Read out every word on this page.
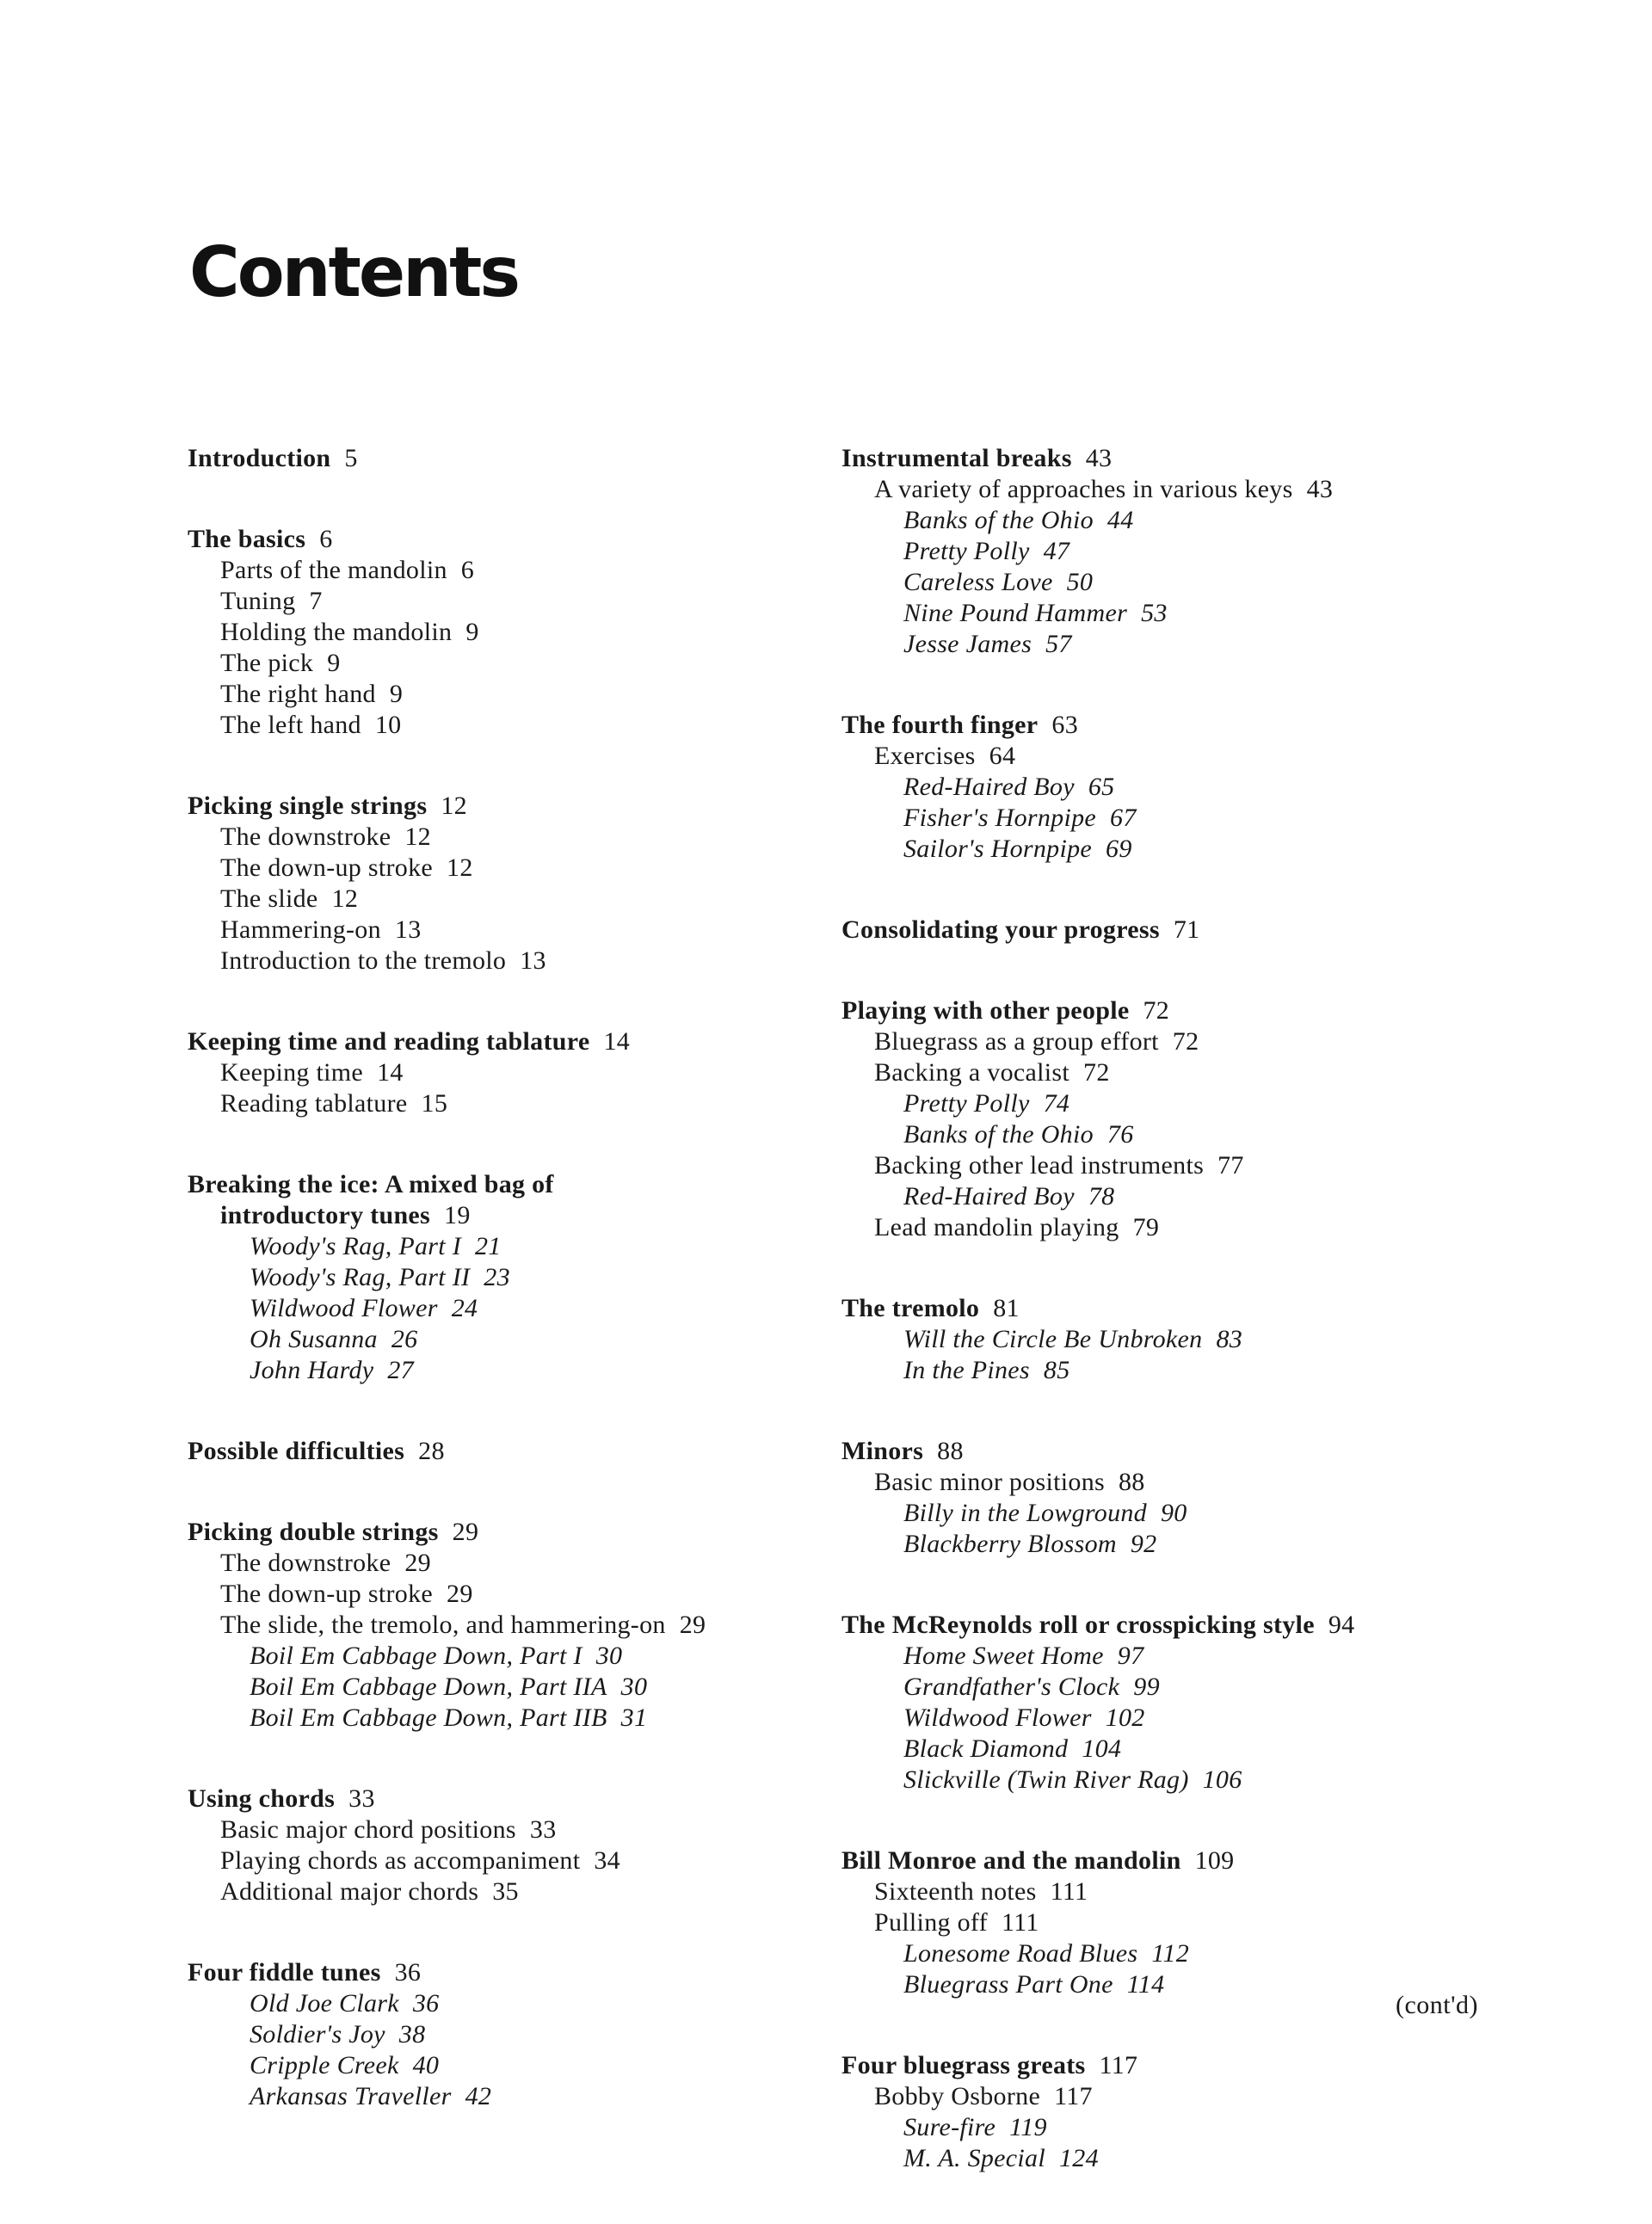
Contents
Introduction 5
The basics 6
Parts of the mandolin 6
Tuning 7
Holding the mandolin 9
The pick 9
The right hand 9
The left hand 10
Picking single strings 12
The downstroke 12
The down-up stroke 12
The slide 12
Hammering-on 13
Introduction to the tremolo 13
Keeping time and reading tablature 14
Keeping time 14
Reading tablature 15
Breaking the ice: A mixed bag of
introductory tunes 19
Woody's Rag, Part I 21
Woody's Rag, Part II 23
Wildwood Flower 24
Oh Susanna 26
John Hardy 27
Possible difficulties 28
Picking double strings 29
The downstroke 29
The down-up stroke 29
The slide, the tremolo, and hammering-on 29
Boil Em Cabbage Down, Part I 30
Boil Em Cabbage Down, Part IIA 30
Boil Em Cabbage Down, Part IIB 31
Using chords 33
Basic major chord positions 33
Playing chords as accompaniment 34
Additional major chords 35
Four fiddle tunes 36
Old Joe Clark 36
Soldier's Joy 38
Cripple Creek 40
Arkansas Traveller 42
Instrumental breaks 43
A variety of approaches in various keys 43
Banks of the Ohio 44
Pretty Polly 47
Careless Love 50
Nine Pound Hammer 53
Jesse James 57
The fourth finger 63
Exercises 64
Red-Haired Boy 65
Fisher's Hornpipe 67
Sailor's Hornpipe 69
Consolidating your progress 71
Playing with other people 72
Bluegrass as a group effort 72
Backing a vocalist 72
Pretty Polly 74
Banks of the Ohio 76
Backing other lead instruments 77
Red-Haired Boy 78
Lead mandolin playing 79
The tremolo 81
Will the Circle Be Unbroken 83
In the Pines 85
Minors 88
Basic minor positions 88
Billy in the Lowground 90
Blackberry Blossom 92
The McReynolds roll or crosspicking style 94
Home Sweet Home 97
Grandfather's Clock 99
Wildwood Flower 102
Black Diamond 104
Slickville (Twin River Rag) 106
Bill Monroe and the mandolin 109
Sixteenth notes 111
Pulling off 111
Lonesome Road Blues 112
Bluegrass Part One 114
Four bluegrass greats 117
Bobby Osborne 117
Sure-fire 119
M. A. Special 124
(cont'd)
